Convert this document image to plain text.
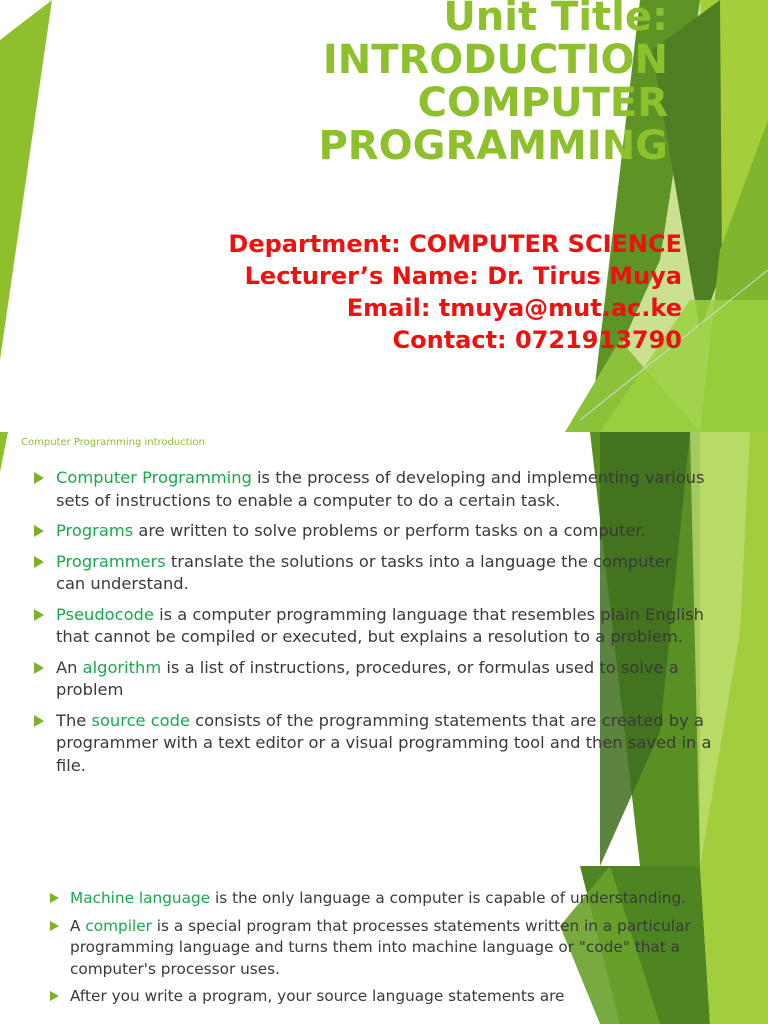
Unit Title:
INTRODUCTION
COMPUTER
PROGRAMMING
Department: COMPUTER SCIENCE
Lecturer’s Name: Dr. Tirus Muya
Email: tmuya@mut.ac.ke
Contact: 0721913790
Computer Programming introduction
Computer Programming is the process of developing and implementing various sets of instructions to enable a computer to do a certain task.
Programs are written to solve problems or perform tasks on a computer.
Programmers translate the solutions or tasks into a language the computer
can understand.
Pseudocode is a computer programming language that resembles plain English that cannot be compiled or executed, but explains a resolution to a problem.
An algorithm is a list of instructions, procedures, or formulas used to solve a problem
The source code consists of the programming statements that are created by a programmer with a text editor or a visual programming tool and then saved in a file.
Machine language is the only language a computer is capable of understanding.
A compiler is a special program that processes statements written in a particular programming language and turns them into machine language or "code" that a computer's processor uses.
After you write a program, your source language statements are
